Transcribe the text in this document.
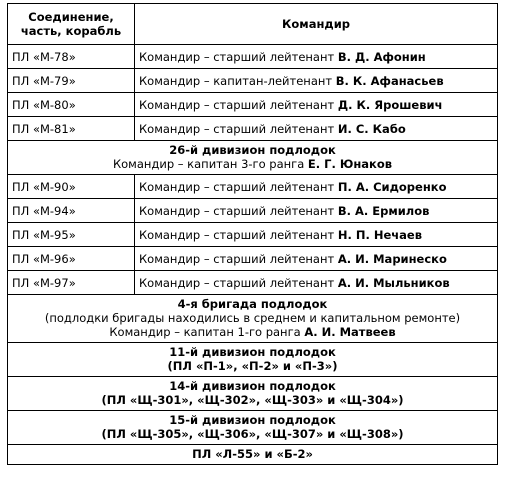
Соединение, часть, корабль	Командир
ПЛ «М-78»	Командир – старший лейтенант В. Д. Афонин
ПЛ «М-79»	Командир – капитан-лейтенант В. К. Афанасьев
ПЛ «М-80»	Командир – старший лейтенант Д. К. Ярошевич
ПЛ «М-81»	Командир – старший лейтенант И. С. Кабо

26-й дивизион подлодок
Командир – капитан 3-го ранга Е. Г. Юнаков	

ПЛ «М-90»	Командир – старший лейтенант П. А. Сидоренко
ПЛ «М-94»	Командир – старший лейтенант В. А. Ермилов
ПЛ «М-95»	Командир – старший лейтенант Н. П. Нечаев
ПЛ «М-96»	Командир – старший лейтенант А. И. Маринеско
ПЛ «М-97»	Командир – старший лейтенант А. И. Мыльников

4-я бригада подлодок
(подлодки бригады находились в среднем и капитальном ремонте)
Командир – капитан 1-го ранга А. И. Матвеев	

11-й дивизион подлодок
(ПЛ «П-1», «П-2» и «П-3»)	

14-й дивизион подлодок
(ПЛ «Щ-301», «Щ-302», «Щ-303» и «Щ-304»)	

15-й дивизион подлодок
(ПЛ «Щ-305», «Щ-306», «Щ-307» и «Щ-308»)	

ПЛ «Л-55» и «Б-2»	
